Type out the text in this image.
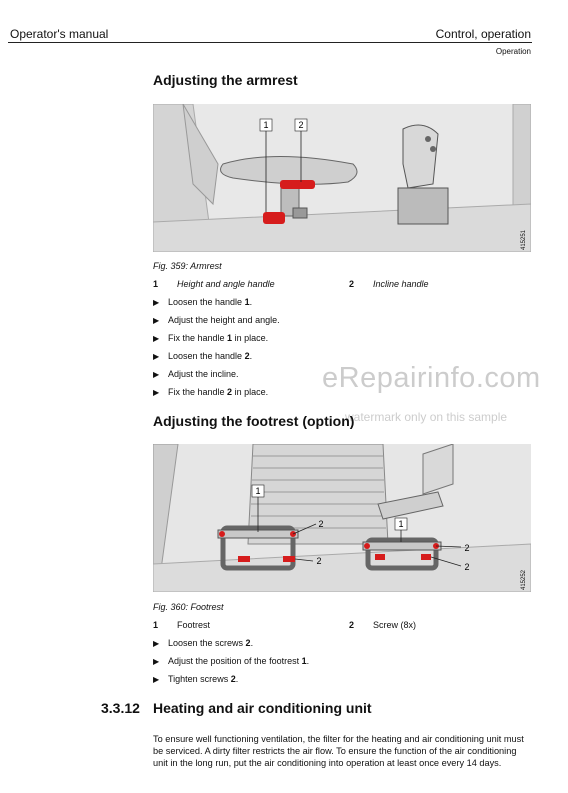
Operator's manual	Control, operation
Operation
Adjusting the armrest
1	2
415251
Fig. 359: Armrest
1 Height and angle handle	2 Incline handle
▶ Loosen the handle 1.
▶ Adjust the height and angle.
▶ Fix the handle 1 in place.
▶ Loosen the handle 2.
▶ Adjust the incline.
▶ Fix the handle 2 in place. eRepairinfo.com
watermark only on this sample
Adjusting the footrest (option)
1
1
2
2
2
2
415252
Fig. 360: Footrest
1 Footrest	2 Screw (8x)
▶ Loosen the screws 2.
▶ Adjust the position of the footrest 1.
▶ Tighten screws 2.
3.3.12 Heating and air conditioning unit
To ensure well functioning ventilation, the filter for the heating and air conditioning unit must be serviced. A dirty filter restricts the air flow. To ensure the function of the air conditioning unit in the long run, put the air conditioning into operation at least once every 14 days.
